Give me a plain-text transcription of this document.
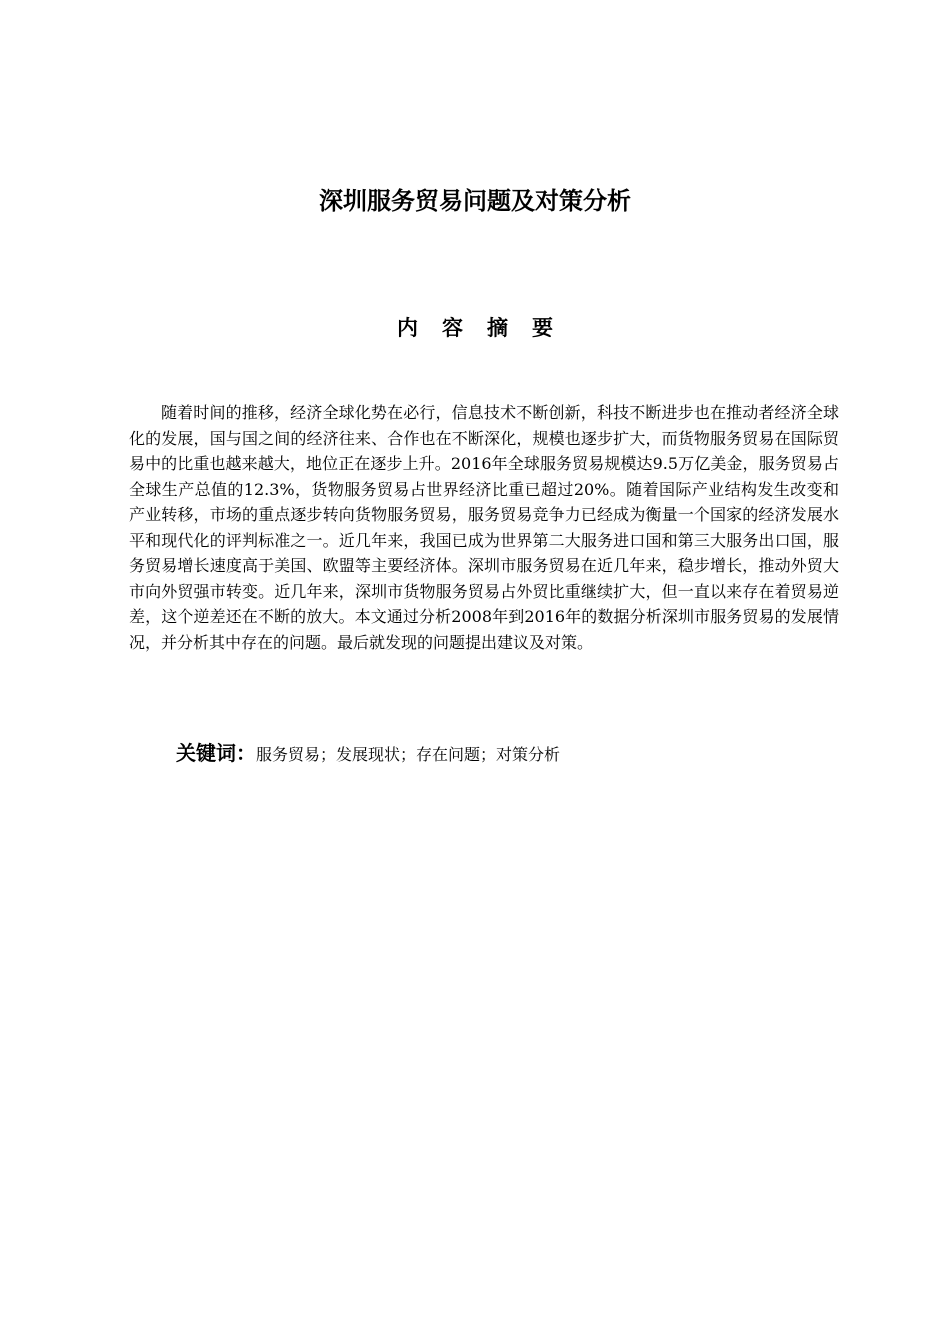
深圳服务贸易问题及对策分析
内 容 摘 要

随着时间的推移，经济全球化势在必行，信息技术不断创新，科技不断进步也在推动者经济全球化的发展，国与国之间的经济往来、合作也在不断深化，规模也逐步扩大，而货物服务贸易在国际贸易中的比重也越来越大，地位正在逐步上升。2016年全球服务贸易规模达9.5万亿美金，服务贸易占全球生产总值的12.3%，货物服务贸易占世界经济比重已超过20%。随着国际产业结构发生改变和产业转移，市场的重点逐步转向货物服务贸易，服务贸易竞争力已经成为衡量一个国家的经济发展水平和现代化的评判标准之一。近几年来，我国已成为世界第二大服务进口国和第三大服务出口国，服务贸易增长速度高于美国、欧盟等主要经济体。深圳市服务贸易在近几年来，稳步增长，推动外贸大市向外贸强市转变。近几年来，深圳市货物服务贸易占外贸比重继续扩大，但一直以来存在着贸易逆差，这个逆差还在不断的放大。本文通过分析2008年到2016年的数据分析深圳市服务贸易的发展情况，并分析其中存在的问题。最后就发现的问题提出建议及对策。

关键词：服务贸易；发展现状；存在问题；对策分析
